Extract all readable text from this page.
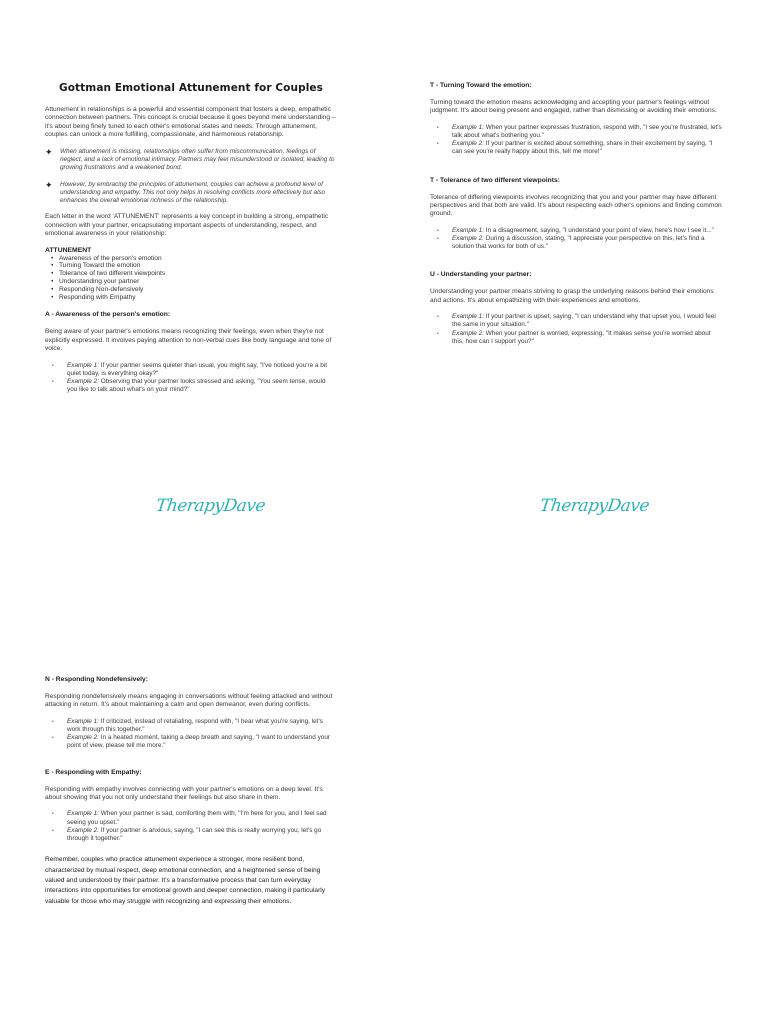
Gottman Emotional Attunement for Couples

Attunement in relationships is a powerful and essential component that fosters a deep, empathetic connection between partners. This concept is crucial because it goes beyond mere understanding – it's about being finely tuned to each other's emotional states and needs. Through attunement, couples can unlock a more fulfilling, compassionate, and harmonious relationship.

✦	When attunement is missing, relationships often suffer from miscommunication, feelings of neglect, and a lack of emotional intimacy. Partners may feel misunderstood or isolated, leading to growing frustrations and a weakened bond.
✦	However, by embracing the principles of attunement, couples can achieve a profound level of understanding and empathy. This not only helps in resolving conflicts more effectively but also enhances the overall emotional richness of the relationship.

Each letter in the word 'ATTUNEMENT' represents a key concept in building a strong, empathetic connection with your partner, encapsulating important aspects of understanding, respect, and emotional awareness in your relationship:

ATTUNEMENT
• Awareness of the person's emotion
• Turning Toward the emotion
• Tolerance of two different viewpoints
• Understanding your partner
• Responding Non-defensively
• Responding with Empathy
A - Awareness of the person's emotion:

Being aware of your partner's emotions means recognizing their feelings, even when they're not explicitly expressed. It involves paying attention to non-verbal cues like body language and tone of voice.

• Example 1: If your partner seems quieter than usual, you might say, "I've noticed you're a bit quiet today, is everything okay?"
• Example 2: Observing that your partner looks stressed and asking, "You seem tense, would you like to talk about what's on your mind?"
TherapyDave
T - Turning Toward the emotion:

Turning toward the emotion means acknowledging and accepting your partner's feelings without judgment. It's about being present and engaged, rather than dismissing or avoiding their emotions.

• Example 1: When your partner expresses frustration, respond with, "I see you're frustrated, let's talk about what's bothering you."
• Example 2: If your partner is excited about something, share in their excitement by saying, "I can see you're really happy about this, tell me more!"
T - Tolerance of two different viewpoints:

Tolerance of differing viewpoints involves recognizing that you and your partner may have different perspectives and that both are valid. It's about respecting each other's opinions and finding common ground.

• Example 1: In a disagreement, saying, "I understand your point of view, here's how I see it..."
• Example 2: During a discussion, stating, "I appreciate your perspective on this, let's find a solution that works for both of us."
U - Understanding your partner:

Understanding your partner means striving to grasp the underlying reasons behind their emotions and actions. It's about empathizing with their experiences and emotions.

• Example 1: If your partner is upset, saying, "I can understand why that upset you, I would feel the same in your situation."
• Example 2: When your partner is worried, expressing, "It makes sense you're worried about this, how can I support you?"
TherapyDave
N - Responding Nondefensively:

Responding nondefensively means engaging in conversations without feeling attacked and without attacking in return. It's about maintaining a calm and open demeanor, even during conflicts.

• Example 1: If criticized, instead of retaliating, respond with, "I hear what you're saying, let's work through this together."
• Example 2: In a heated moment, taking a deep breath and saying, "I want to understand your point of view, please tell me more."
E - Responding with Empathy:

Responding with empathy involves connecting with your partner's emotions on a deep level. It's about showing that you not only understand their feelings but also share in them.

• Example 1: When your partner is sad, comforting them with, "I'm here for you, and I feel sad seeing you upset."
• Example 2: If your partner is anxious, saying, "I can see this is really worrying you, let's go through it together."

Remember, couples who practice attunement experience a stronger, more resilient bond, characterized by mutual respect, deep emotional connection, and a heightened sense of being valued and understood by their partner. It's a transformative process that can turn everyday interactions into opportunities for emotional growth and deeper connection, making it particularly valuable for those who may struggle with recognizing and expressing their emotions.
